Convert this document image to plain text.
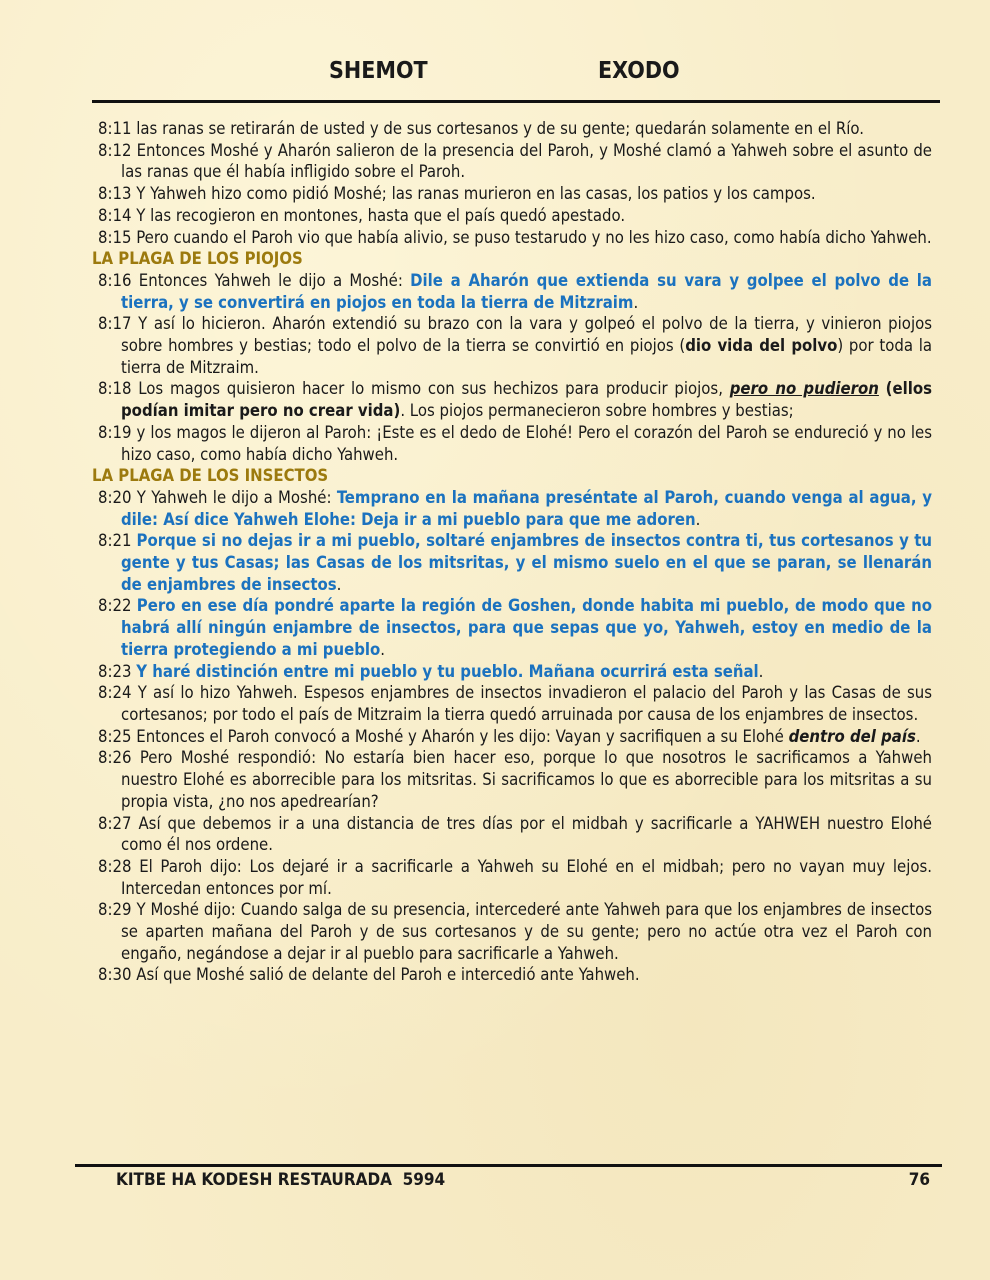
SHEMOT	EXODO

8:11 las ranas se retirarán de usted y de sus cortesanos y de su gente; quedarán solamente en el Río.

8:12 Entonces Moshé y Aharón salieron de la presencia del Paroh, y Moshé clamó a Yahweh sobre el asunto de las ranas que él había infligido sobre el Paroh.

8:13 Y Yahweh hizo como pidió Moshé; las ranas murieron en las casas, los patios y los campos.

8:14 Y las recogieron en montones, hasta que el país quedó apestado.

8:15 Pero cuando el Paroh vio que había alivio, se puso testarudo y no les hizo caso, como había dicho Yahweh.

LA PLAGA DE LOS PIOJOS

8:16 Entonces Yahweh le dijo a Moshé: Dile a Aharón que extienda su vara y golpee el polvo de la tierra, y se convertirá en piojos en toda la tierra de Mitzraim.

8:17 Y así lo hicieron. Aharón extendió su brazo con la vara y golpeó el polvo de la tierra, y vinieron piojos sobre hombres y bestias; todo el polvo de la tierra se convirtió en piojos (dio vida del polvo) por toda la tierra de Mitzraim.

8:18 Los magos quisieron hacer lo mismo con sus hechizos para producir piojos, pero no pudieron (ellos podían imitar pero no crear vida). Los piojos permanecieron sobre hombres y bestias;

8:19 y los magos le dijeron al Paroh: ¡Este es el dedo de Elohé! Pero el corazón del Paroh se endureció y no les hizo caso, como había dicho Yahweh.

LA PLAGA DE LOS INSECTOS

8:20 Y Yahweh le dijo a Moshé: Temprano en la mañana preséntate al Paroh, cuando venga al agua, y dile: Así dice Yahweh Elohe: Deja ir a mi pueblo para que me adoren.

8:21 Porque si no dejas ir a mi pueblo, soltaré enjambres de insectos contra ti, tus cortesanos y tu gente y tus Casas; las Casas de los mitsritas, y el mismo suelo en el que se paran, se llenarán de enjambres de insectos.

8:22 Pero en ese día pondré aparte la región de Goshen, donde habita mi pueblo, de modo que no habrá allí ningún enjambre de insectos, para que sepas que yo, Yahweh, estoy en medio de la tierra protegiendo a mi pueblo.

8:23 Y haré distinción entre mi pueblo y tu pueblo. Mañana ocurrirá esta señal.

8:24 Y así lo hizo Yahweh. Espesos enjambres de insectos invadieron el palacio del Paroh y las Casas de sus cortesanos; por todo el país de Mitzraim la tierra quedó arruinada por causa de los enjambres de insectos.

8:25 Entonces el Paroh convocó a Moshé y Aharón y les dijo: Vayan y sacrifiquen a su Elohé dentro del país.

8:26 Pero Moshé respondió: No estaría bien hacer eso, porque lo que nosotros le sacrificamos a Yahweh nuestro Elohé es aborrecible para los mitsritas. Si sacrificamos lo que es aborrecible para los mitsritas a su propia vista, ¿no nos apedrearían?

8:27 Así que debemos ir a una distancia de tres días por el midbah y sacrificarle a YAHWEH nuestro Elohé como él nos ordene.

8:28 El Paroh dijo: Los dejaré ir a sacrificarle a Yahweh su Elohé en el midbah; pero no vayan muy lejos. Intercedan entonces por mí.

8:29 Y Moshé dijo: Cuando salga de su presencia, intercederé ante Yahweh para que los enjambres de insectos se aparten mañana del Paroh y de sus cortesanos y de su gente; pero no actúe otra vez el Paroh con engaño, negándose a dejar ir al pueblo para sacrificarle a Yahweh.

8:30 Así que Moshé salió de delante del Paroh e intercedió ante Yahweh.

KITBE HA KODESH RESTAURADA  5994	76
